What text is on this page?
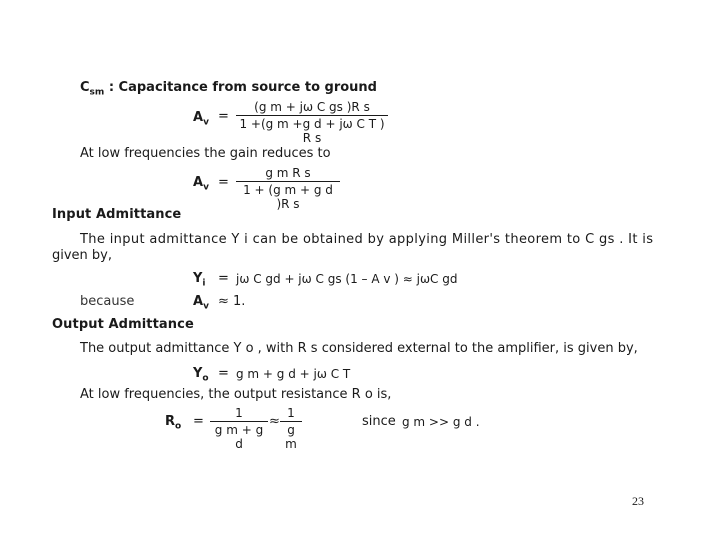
$C_{sm}$ : Capacitance from source to ground
$A_v$ =
(g m + jω C gs )R s
1 +(g m +g d + jω C T ) R s
At low frequencies the gain reduces to
$A_v$ =
g m R s
1 + (g m + g d )R s
Input Admittance
The input admittance Y i can be obtained by applying Miller's theorem to C gs . It is
given by,
$Y_i = j\omega$ C gd + jω C gs (1 – A v ) ≈ jωC gd
because	$A_v \approx 1$.
Output Admittance
The output admittance Y o , with R s considered external to the amplifier, is given by,
$Y_o = g$ m + g d + jω C T
At low frequencies, the output resistance R o is,
$R_o$ =
1
g m + g d
≈
1
g m
since g m >> g d .
23
